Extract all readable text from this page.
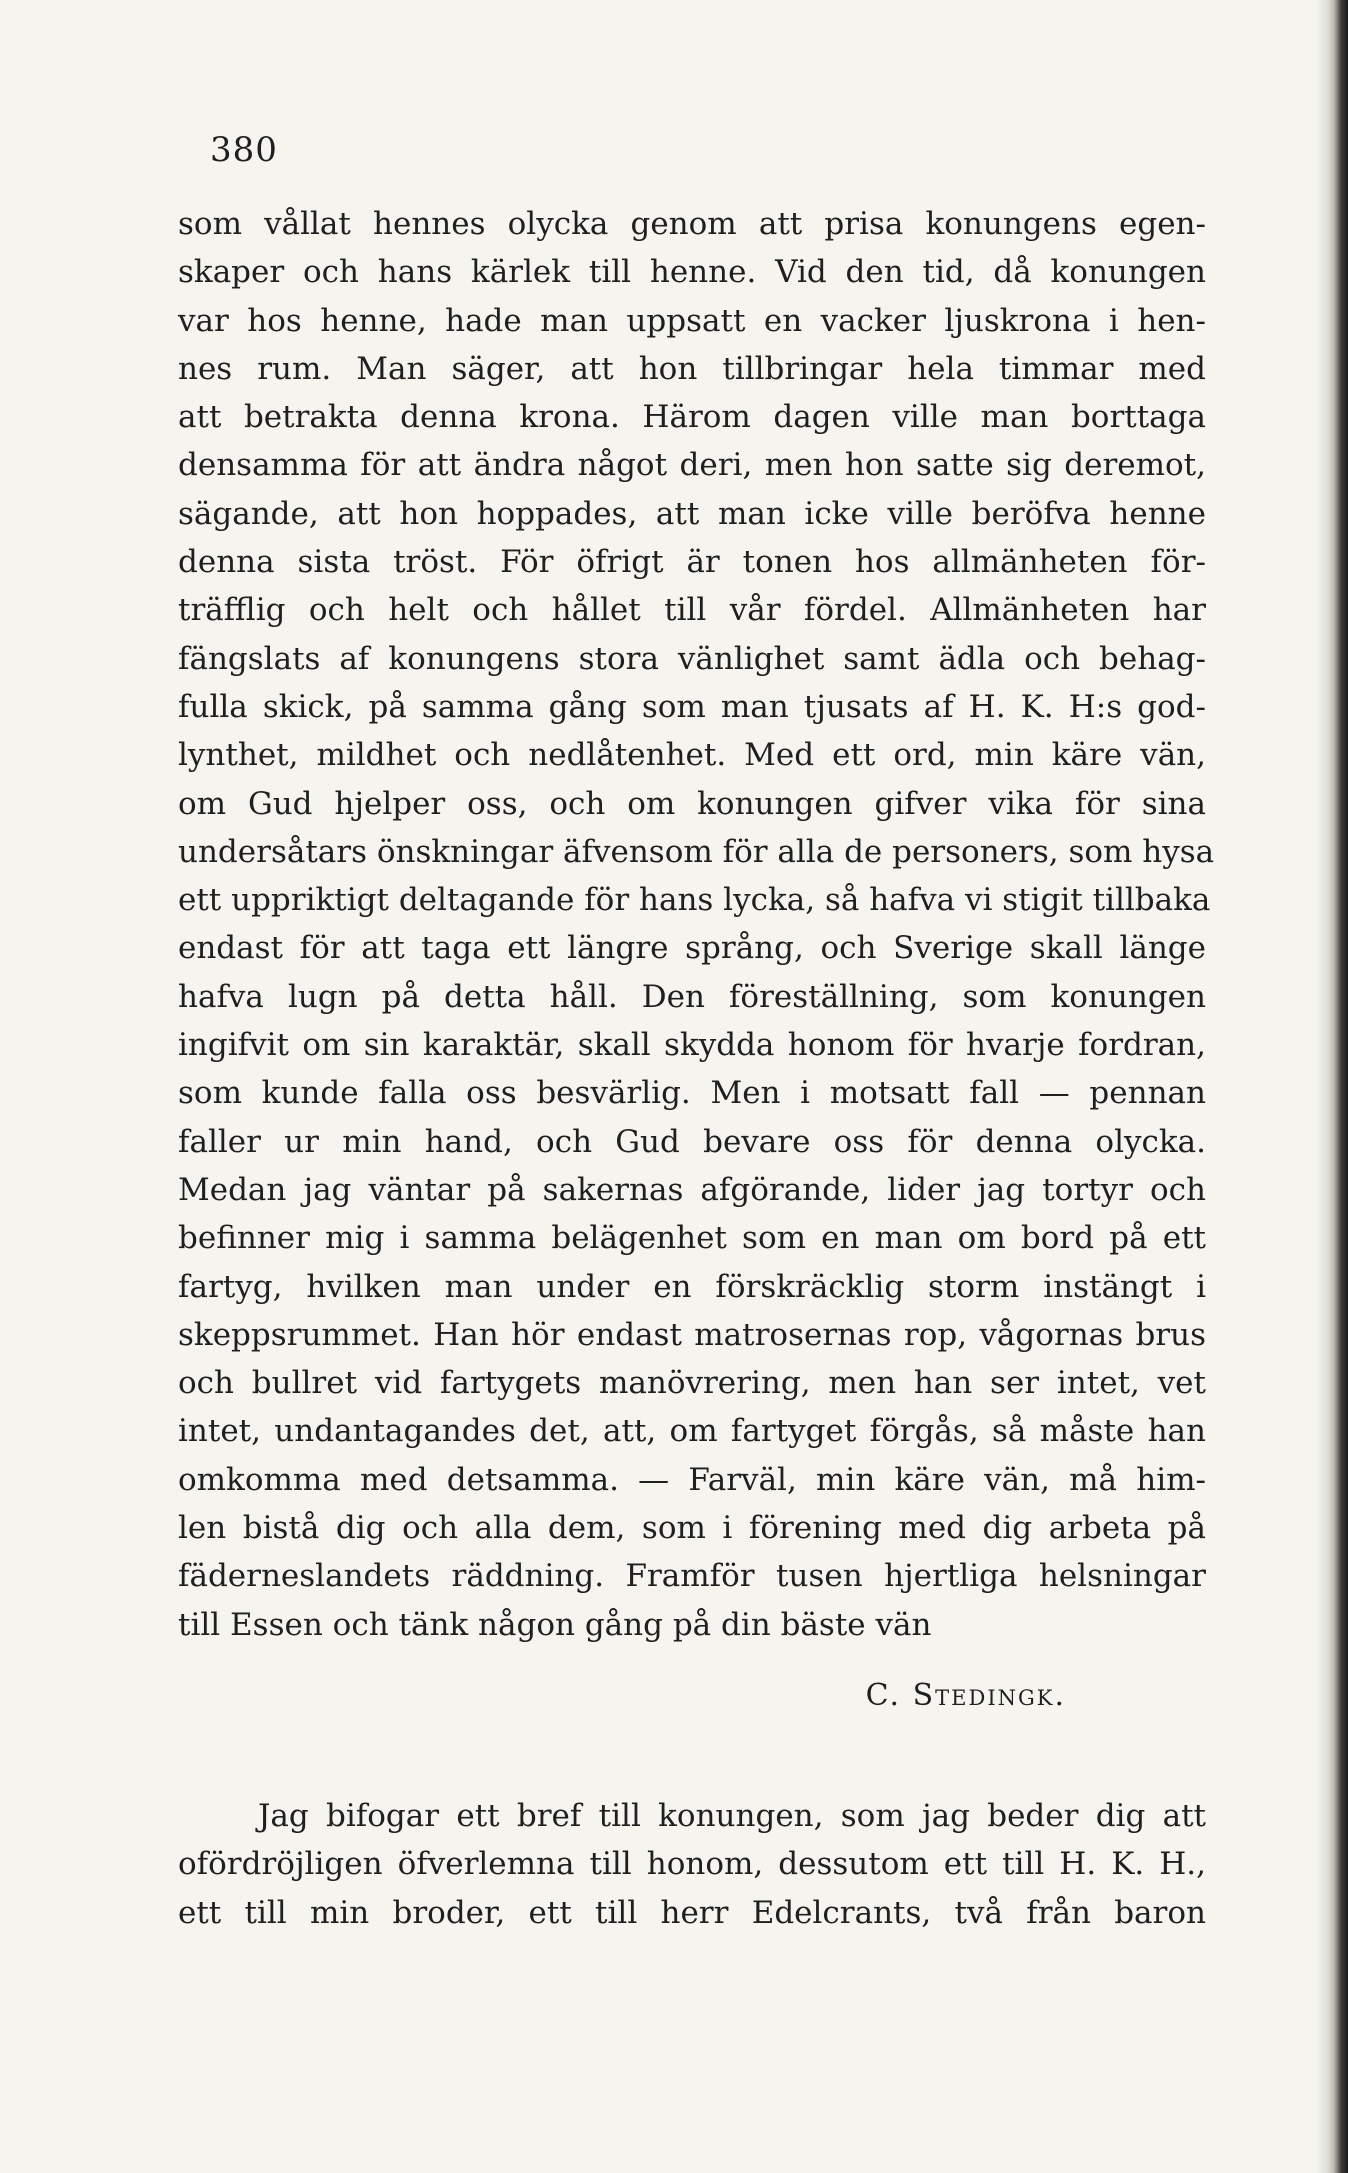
380
som vållat hennes olycka genom att prisa konungens egen-
skaper och hans kärlek till henne. Vid den tid, då konungen
var hos henne, hade man uppsatt en vacker ljuskrona i hen-
nes rum. Man säger, att hon tillbringar hela timmar med
att betrakta denna krona. Härom dagen ville man borttaga
densamma för att ändra något deri, men hon satte sig deremot,
sägande, att hon hoppades, att man icke ville beröfva henne
denna sista tröst. För öfrigt är tonen hos allmänheten för-
träfflig och helt och hållet till vår fördel. Allmänheten har
fängslats af konungens stora vänlighet samt ädla och behag-
fulla skick, på samma gång som man tjusats af H. K. H:s god-
lynthet, mildhet och nedlåtenhet. Med ett ord, min käre vän,
om Gud hjelper oss, och om konungen gifver vika för sina
undersåtars önskningar äfvensom för alla de personers, som hysa
ett uppriktigt deltagande för hans lycka, så hafva vi stigit tillbaka
endast för att taga ett längre språng, och Sverige skall länge
hafva lugn på detta håll. Den föreställning, som konungen
ingifvit om sin karaktär, skall skydda honom för hvarje fordran,
som kunde falla oss besvärlig. Men i motsatt fall — pennan
faller ur min hand, och Gud bevare oss för denna olycka.
Medan jag väntar på sakernas afgörande, lider jag tortyr och
befinner mig i samma belägenhet som en man om bord på ett
fartyg, hvilken man under en förskräcklig storm instängt i
skeppsrummet. Han hör endast matrosernas rop, vågornas brus
och bullret vid fartygets manövrering, men han ser intet, vet
intet, undantagandes det, att, om fartyget förgås, så måste han
omkomma med detsamma. — Farväl, min käre vän, må him-
len bistå dig och alla dem, som i förening med dig arbeta på
fäderneslandets räddning. Framför tusen hjertliga helsningar
till Essen och tänk någon gång på din bäste vän
C. Stedingk.
Jag bifogar ett bref till konungen, som jag beder dig att
ofördröjligen öfverlemna till honom, dessutom ett till H. K. H.,
ett till min broder, ett till herr Edelcrants, två från baron
